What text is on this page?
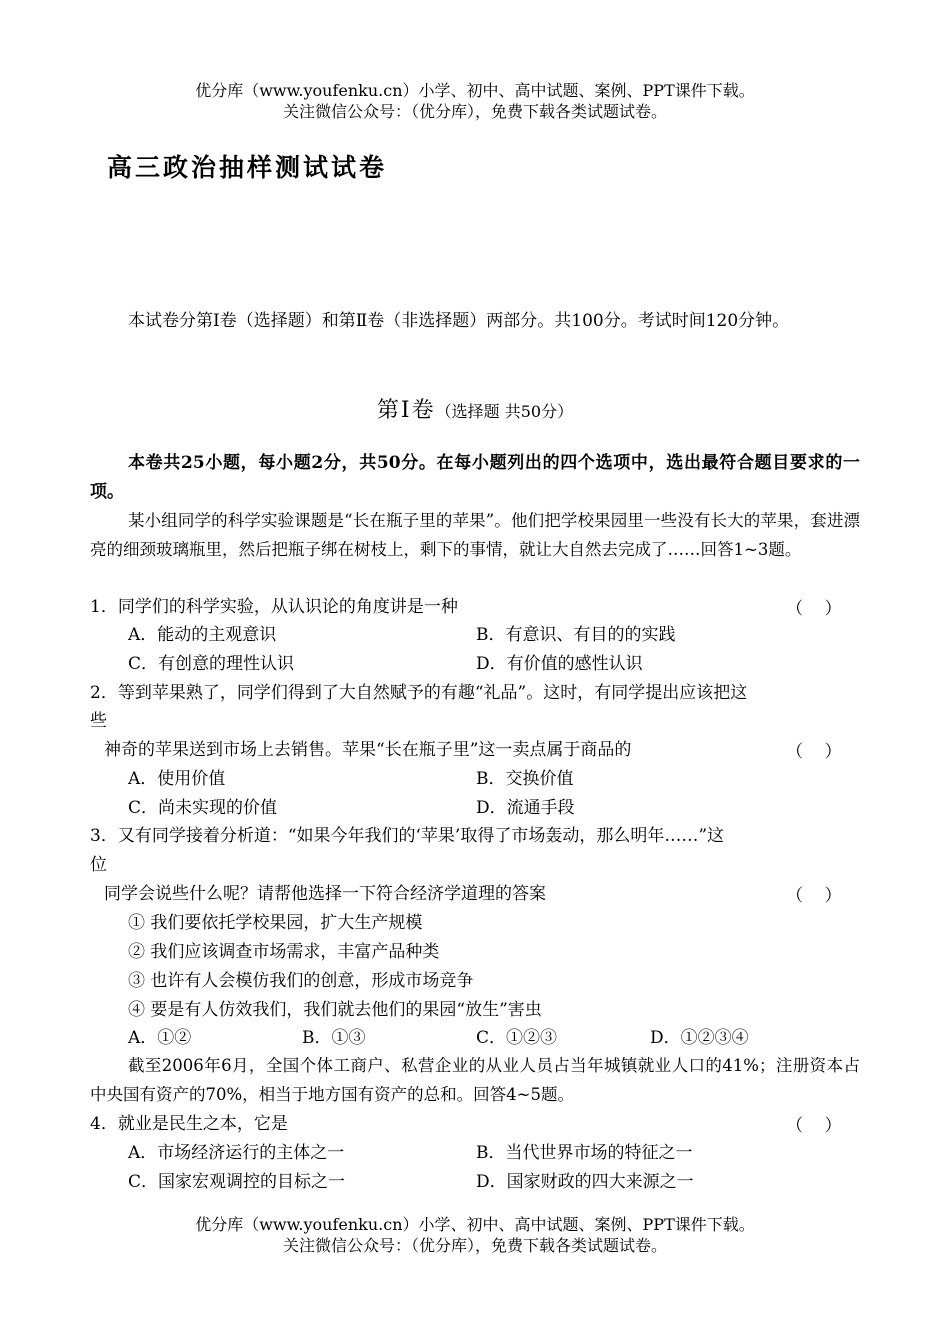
优分库（www.youfenku.cn）小学、初中、高中试题、案例、PPT课件下载。
关注微信公众号：（优分库），免费下载各类试题试卷。
高三政治抽样测试试卷
本试卷分第Ⅰ卷（选择题）和第Ⅱ卷（非选择题）两部分。共100分。考试时间120分钟。
第Ⅰ卷（选择题 共50分）
本卷共25小题，每小题2分，共50分。在每小题列出的四个选项中，选出最符合题目要求的一项。
某小组同学的科学实验课题是“长在瓶子里的苹果”。他们把学校果园里一些没有长大的苹果，套进漂亮的细颈玻璃瓶里，然后把瓶子绑在树枝上，剩下的事情，就让大自然去完成了……回答1~3题。
1．同学们的科学实验，从认识论的角度讲是一种	（    ）
A．能动的主观意识	B．有意识、有目的的实践
C．有创意的理性认识	D．有价值的感性认识
2．等到苹果熟了，同学们得到了大自然赋予的有趣“礼品”。这时，有同学提出应该把这
些
神奇的苹果送到市场上去销售。苹果“长在瓶子里”这一卖点属于商品的	（    ）
A．使用价值	B．交换价值
C．尚未实现的价值	D．流通手段
3．又有同学接着分析道：“如果今年我们的‘苹果’取得了市场轰动，那么明年……”这
位
同学会说些什么呢？请帮他选择一下符合经济学道理的答案	（    ）
① 我们要依托学校果园，扩大生产规模
② 我们应该调查市场需求，丰富产品种类
③ 也许有人会模仿我们的创意，形成市场竞争
④ 要是有人仿效我们，我们就去他们的果园“放生”害虫
A．①②	B．①③	C．①②③	D．①②③④
截至2006年6月，全国个体工商户、私营企业的从业人员占当年城镇就业人口的41%；注册资本占中央国有资产的70%，相当于地方国有资产的总和。回答4~5题。
4．就业是民生之本，它是	（    ）
A．市场经济运行的主体之一	B．当代世界市场的特征之一
C．国家宏观调控的目标之一	D．国家财政的四大来源之一
优分库（www.youfenku.cn）小学、初中、高中试题、案例、PPT课件下载。
关注微信公众号：（优分库），免费下载各类试题试卷。
